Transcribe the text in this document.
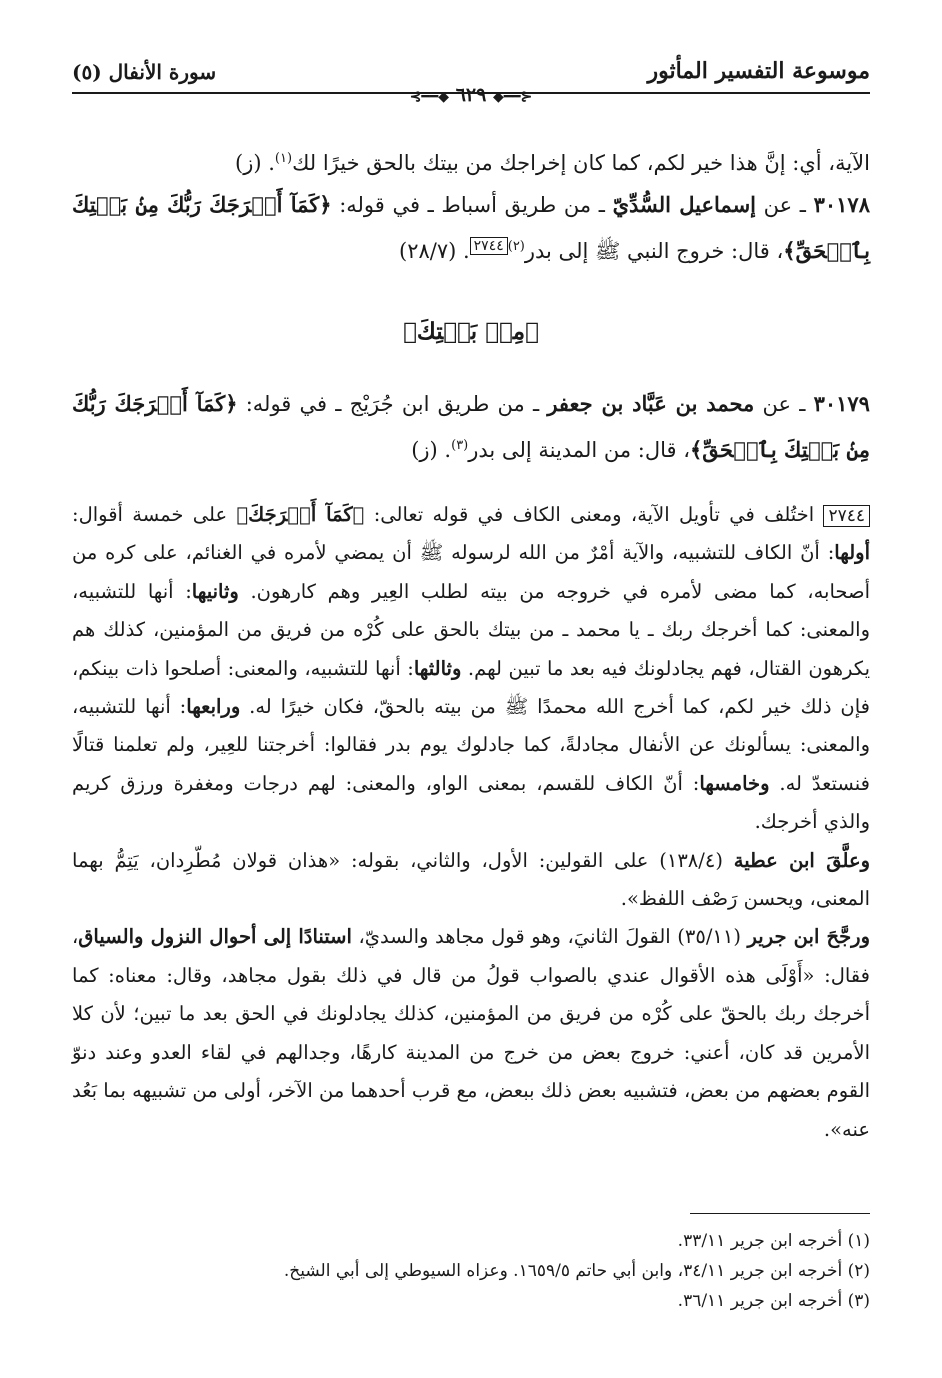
موسوعة التفسير المأثور
سورة الأنفال (٥)
⊰━━◆ ٦٢٩ ◆━━⊱
الآية، أي: إنَّ هذا خير لكم، كما كان إخراجك من بيتك بالحق خيرًا لك$^{(١)}$. (ز)
٣٠١٧٨ ـ عن إسماعيل السُّدِّيّ ـ من طريق أسباط ـ في قوله: ﴿كَمَآ أَخۡرَجَكَ رَبُّكَ مِنۢ بَيۡتِكَ بِٱلۡحَقِّ﴾، قال: خروج النبي ﷺ إلى بدر$^{(٢)}$٢٧٤٤. (٢٨/٧)
﴿مِنۢ بَيۡتِكَ﴾
٣٠١٧٩ ـ عن محمد بن عَبَّاد بن جعفر ـ من طريق ابن جُرَيْج ـ في قوله: ﴿كَمَآ أَخۡرَجَكَ رَبُّكَ مِنۢ بَيۡتِكَ بِٱلۡحَقِّ﴾، قال: من المدينة إلى بدر$^{(٣)}$. (ز)
٢٧٤٤ اختُلف في تأويل الآية، ومعنى الكاف في قوله تعالى: ﴿كَمَآ أَخۡرَجَكَ﴾ على خمسة أقوال: أولها: أنّ الكاف للتشبيه، والآية أمْرٌ من الله لرسوله ﷺ أن يمضي لأمره في الغنائم، على كره من أصحابه، كما مضى لأمره في خروجه من بيته لطلب العِير وهم كارهون. وثانيها: أنها للتشبيه، والمعنى: كما أخرجك ربك ـ يا محمد ـ من بيتك بالحق على كُرْه من فريق من المؤمنين، كذلك هم يكرهون القتال، فهم يجادلونك فيه بعد ما تبين لهم. وثالثها: أنها للتشبيه، والمعنى: أصلحوا ذات بينكم، فإن ذلك خير لكم، كما أخرج الله محمدًا ﷺ من بيته بالحقّ، فكان خيرًا له. ورابعها: أنها للتشبيه، والمعنى: يسألونك عن الأنفال مجادلةً، كما جادلوك يوم بدر فقالوا: أخرجتنا للعِير، ولم تعلمنا قتالًا فنستعدّ له. وخامسها: أنّ الكاف للقسم، بمعنى الواو، والمعنى: لهم درجات ومغفرة ورزق كريم والذي أخرجك.
وعلَّقَ ابن عطية (١٣٨/٤) على القولين: الأول، والثاني، بقوله: «هذان قولان مُطّرِدان، يَتِمُّ بهما المعنى، ويحسن رَصْف اللفظ».
ورجَّحَ ابن جرير (٣٥/١١) القولَ الثانيَ، وهو قول مجاهد والسديّ، استنادًا إلى أحوال النزول والسياق، فقال: «أَوْلَى هذه الأقوال عندي بالصواب قولُ من قال في ذلك بقول مجاهد، وقال: معناه: كما أخرجك ربك بالحقّ على كُرْه من فريق من المؤمنين، كذلك يجادلونك في الحق بعد ما تبين؛ لأن كلا الأمرين قد كان، أعني: خروج بعض من خرج من المدينة كارهًا، وجدالهم في لقاء العدو وعند دنوّ القوم بعضهم من بعض، فتشبيه بعض ذلك ببعض، مع قرب أحدهما من الآخر، أولى من تشبيهه بما بَعُد عنه».
(١) أخرجه ابن جرير ٣٣/١١.
(٢) أخرجه ابن جرير ٣٤/١١، وابن أبي حاتم ١٦٥٩/٥. وعزاه السيوطي إلى أبي الشيخ.
(٣) أخرجه ابن جرير ٣٦/١١.
